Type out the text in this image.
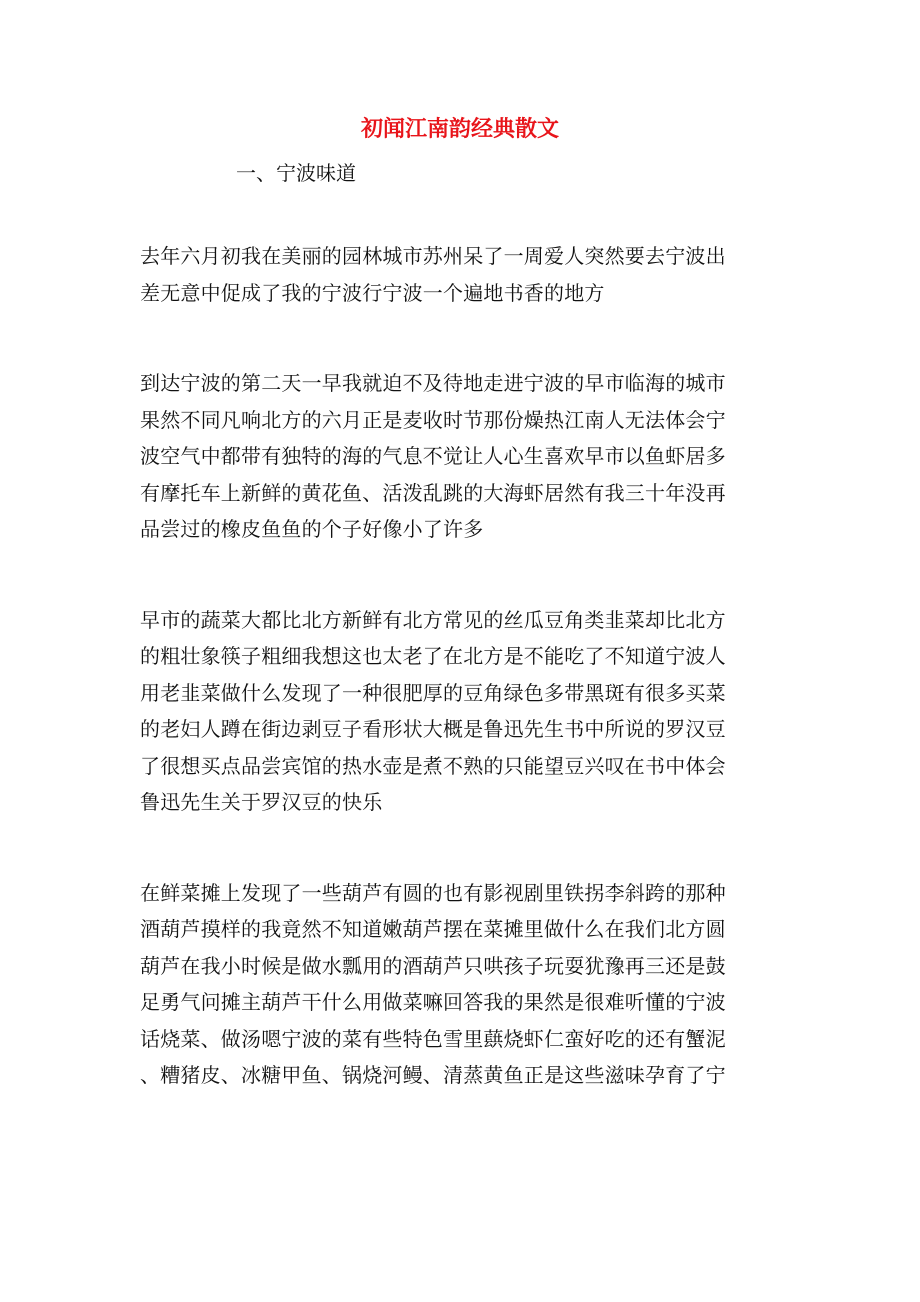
初闻江南韵经典散文
一、宁波味道

去年六月初我在美丽的园林城市苏州呆了一周爱人突然要去宁波出
差无意中促成了我的宁波行宁波一个遍地书香的地方

到达宁波的第二天一早我就迫不及待地走进宁波的早市临海的城市
果然不同凡响北方的六月正是麦收时节那份燥热江南人无法体会宁
波空气中都带有独特的海的气息不觉让人心生喜欢早市以鱼虾居多
有摩托车上新鲜的黄花鱼、活泼乱跳的大海虾居然有我三十年没再
品尝过的橡皮鱼鱼的个子好像小了许多

早市的蔬菜大都比北方新鲜有北方常见的丝瓜豆角类韭菜却比北方
的粗壮象筷子粗细我想这也太老了在北方是不能吃了不知道宁波人
用老韭菜做什么发现了一种很肥厚的豆角绿色多带黑斑有很多买菜
的老妇人蹲在街边剥豆子看形状大概是鲁迅先生书中所说的罗汉豆
了很想买点品尝宾馆的热水壶是煮不熟的只能望豆兴叹在书中体会
鲁迅先生关于罗汉豆的快乐

在鲜菜摊上发现了一些葫芦有圆的也有影视剧里铁拐李斜跨的那种
酒葫芦摸样的我竟然不知道嫩葫芦摆在菜摊里做什么在我们北方圆
葫芦在我小时候是做水瓢用的酒葫芦只哄孩子玩耍犹豫再三还是鼓
足勇气问摊主葫芦干什么用做菜嘛回答我的果然是很难听懂的宁波
话烧菜、做汤嗯宁波的菜有些特色雪里蕻烧虾仁蛮好吃的还有蟹泥
、糟猪皮、冰糖甲鱼、锅烧河鳗、清蒸黄鱼正是这些滋味孕育了宁
